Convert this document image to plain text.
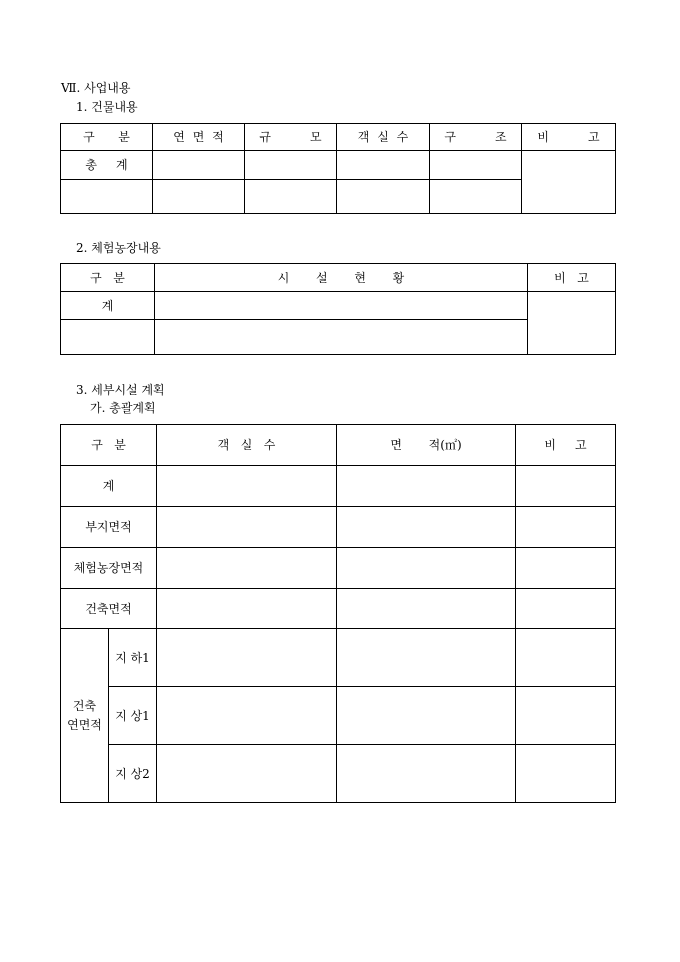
Ⅶ. 사업내용
1. 건물내용
구   분	연 면 적	규     모	객 실 수	구     조	비     고
총     계					

2. 체험농장내용
구   분	시       설       현       황	비   고
계		

3. 세부시설 계획
가. 총괄계획
구   분		객   실   수	면       적(㎡)	비     고
계				
부지면적				
체험농장면적				
건축면적				

건축
연면적	지 하1			
	지 상1			
	지 상2			
